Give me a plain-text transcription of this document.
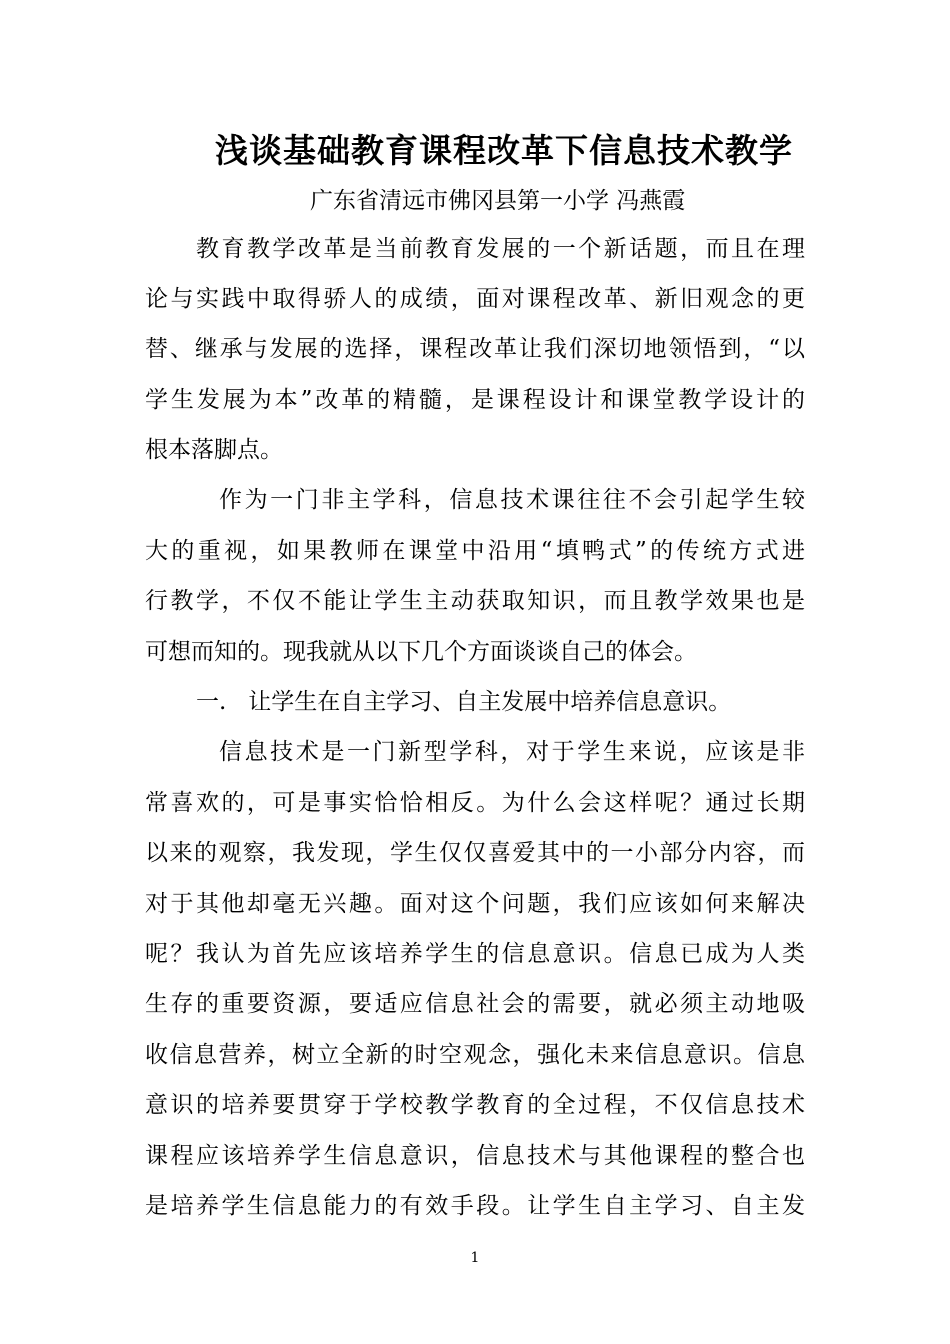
浅谈基础教育课程改革下信息技术教学
广东省清远市佛冈县第一小学 冯燕霞
教育教学改革是当前教育发展的一个新话题，而且在理
论与实践中取得骄人的成绩，面对课程改革、新旧观念的更
替、继承与发展的选择，课程改革让我们深切地领悟到，“以
学生发展为本”改革的精髓，是课程设计和课堂教学设计的
根本落脚点。
作为一门非主学科，信息技术课往往不会引起学生较
大的重视，如果教师在课堂中沿用“填鸭式”的传统方式进
行教学，不仅不能让学生主动获取知识，而且教学效果也是
可想而知的。现我就从以下几个方面谈谈自己的体会。
一.   让学生在自主学习、自主发展中培养信息意识。
信息技术是一门新型学科，对于学生来说，应该是非
常喜欢的，可是事实恰恰相反。为什么会这样呢？通过长期
以来的观察，我发现，学生仅仅喜爱其中的一小部分内容，而
对于其他却毫无兴趣。面对这个问题，我们应该如何来解决
呢？我认为首先应该培养学生的信息意识。信息已成为人类
生存的重要资源，要适应信息社会的需要，就必须主动地吸
收信息营养，树立全新的时空观念，强化未来信息意识。信息
意识的培养要贯穿于学校教学教育的全过程，不仅信息技术
课程应该培养学生信息意识，信息技术与其他课程的整合也
是培养学生信息能力的有效手段。让学生自主学习、自主发
1
